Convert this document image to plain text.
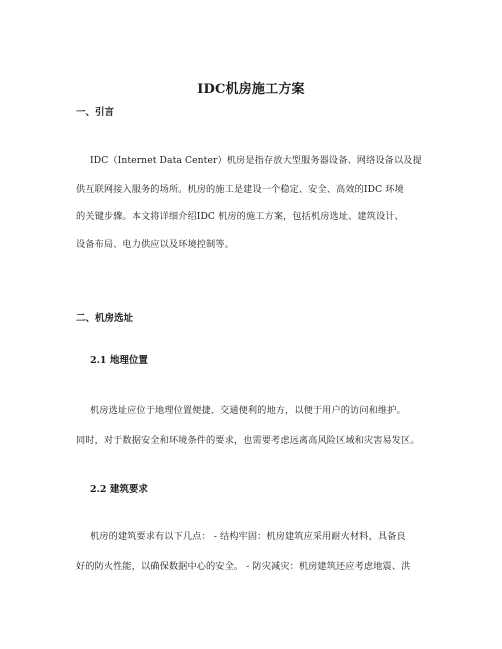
IDC机房施工方案
一、引言
IDC（Internet Data Center）机房是指存放大型服务器设备、网络设备以及提
供互联网接入服务的场所。机房的施工是建设一个稳定、安全、高效的IDC 环境
的关键步骤。本文将详细介绍IDC 机房的施工方案，包括机房选址、建筑设计、
设备布局、电力供应以及环境控制等。
二、机房选址
2.1 地理位置
机房选址应位于地理位置便捷、交通便利的地方，以便于用户的访问和维护。
同时，对于数据安全和环境条件的要求，也需要考虑远离高风险区域和灾害易发区。
2.2 建筑要求
机房的建筑要求有以下几点： - 结构牢固：机房建筑应采用耐火材料，具备良
好的防火性能，以确保数据中心的安全。 - 防灾减灾：机房建筑还应考虑地震、洪
